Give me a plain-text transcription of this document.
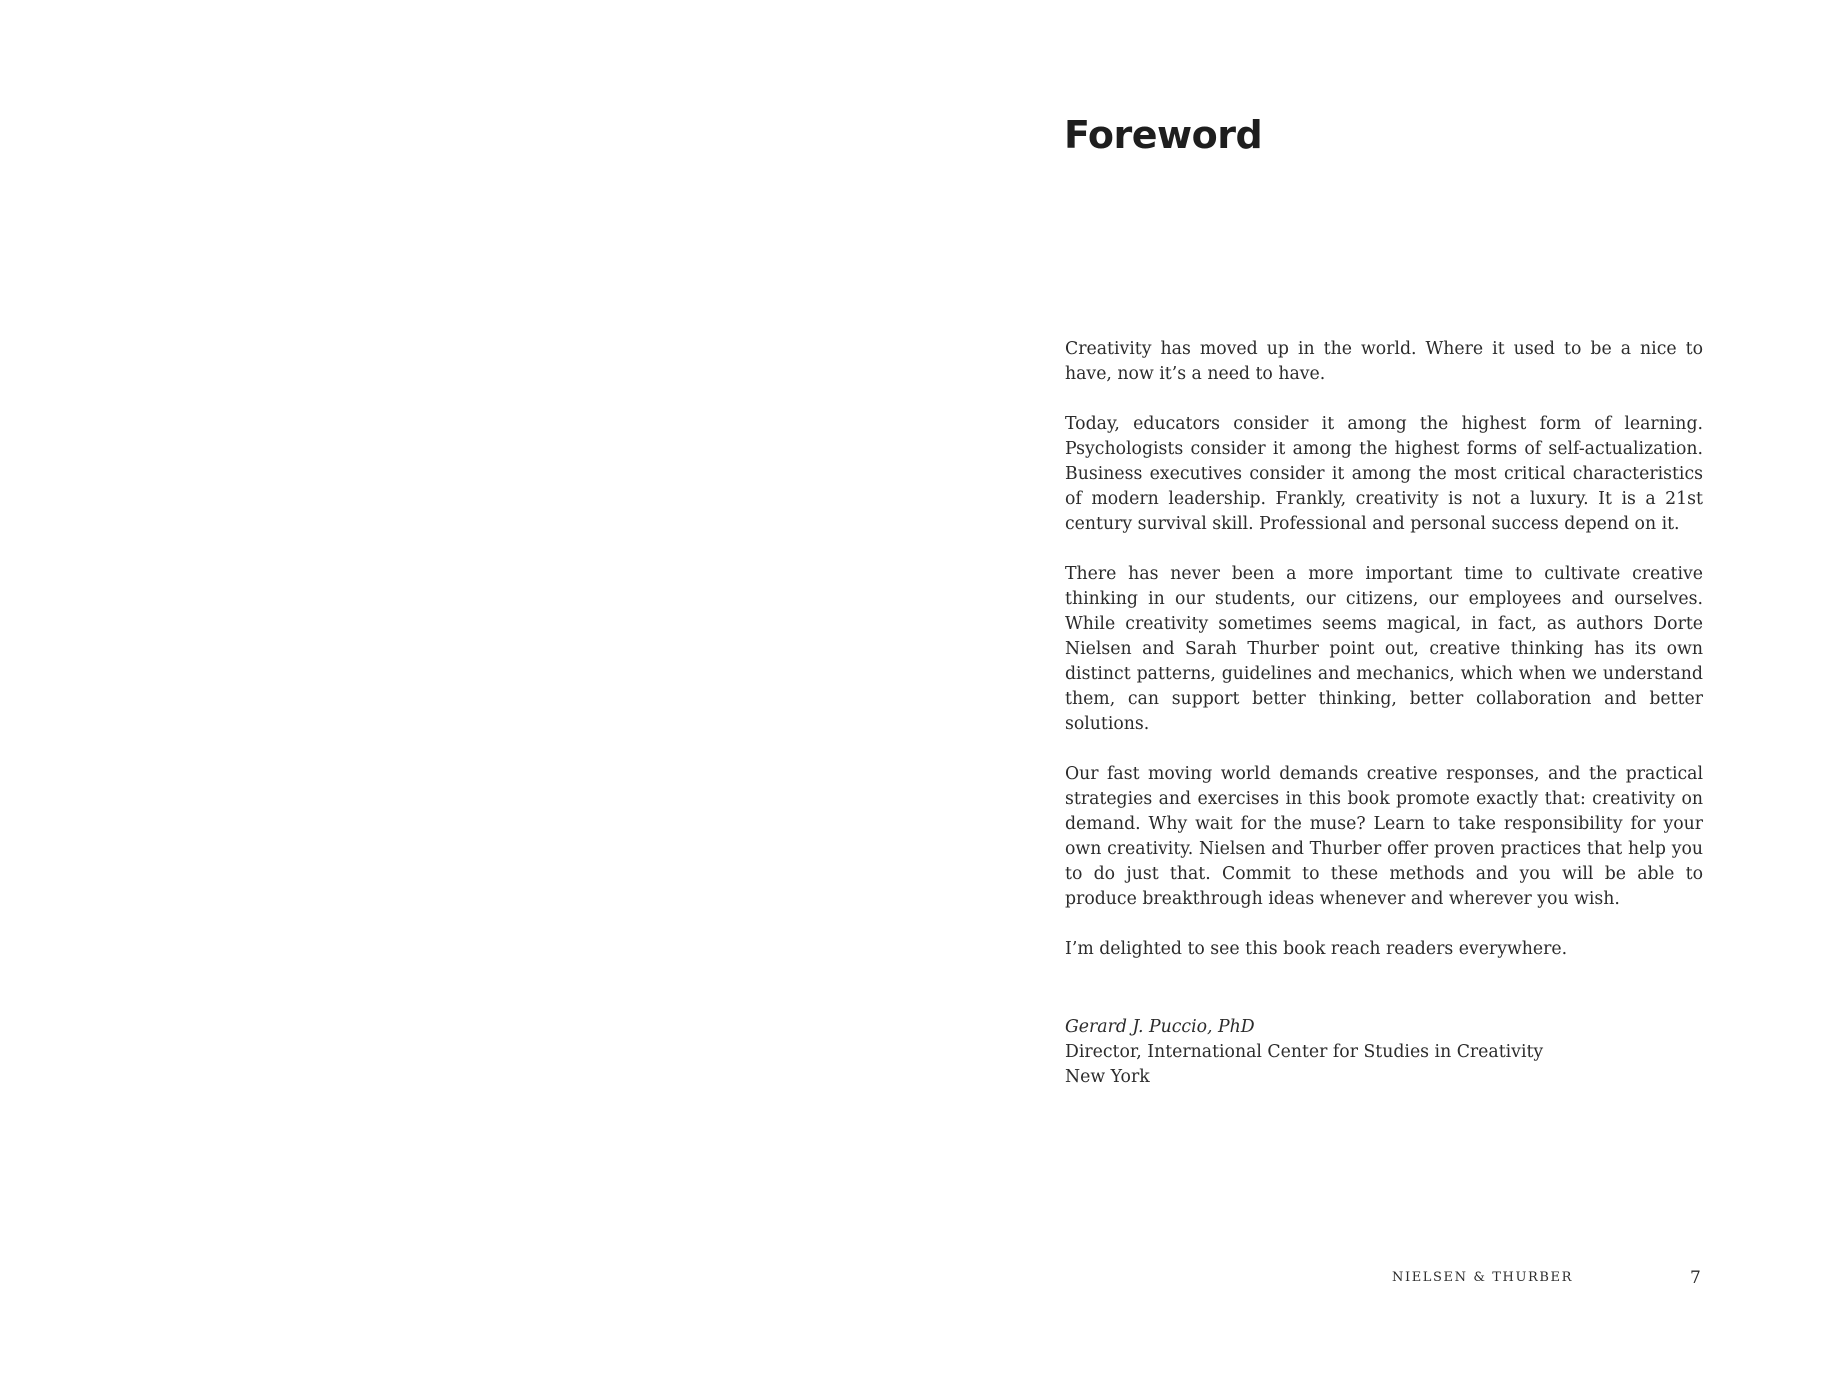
Foreword

Creativity has moved up in the world. Where it used to be a nice to have, now it’s a need to have.

Today, educators consider it among the highest form of learning. Psychologists consider it among the highest forms of self-actualization. Business executives consider it among the most critical characteristics of modern leadership. Frankly, creativity is not a luxury. It is a 21st century survival skill. Professional and personal success depend on it.

There has never been a more important time to cultivate creative thinking in our students, our citizens, our employees and ourselves. While creativity sometimes seems magical, in fact, as authors Dorte Nielsen and Sarah Thurber point out, creative thinking has its own distinct patterns, guidelines and mechanics, which when we understand them, can support better thinking, better collaboration and better solutions.

Our fast moving world demands creative responses, and the practical strategies and exercises in this book promote exactly that: creativity on demand. Why wait for the muse? Learn to take responsibility for your own creativity. Nielsen and Thurber offer proven practices that help you to do just that. Commit to these methods and you will be able to produce breakthrough ideas whenever and wherever you wish.

I’m delighted to see this book reach readers everywhere.

Gerard J. Puccio, PhD
Director, International Center for Studies in Creativity
New York
NIELSEN & THURBER	7
